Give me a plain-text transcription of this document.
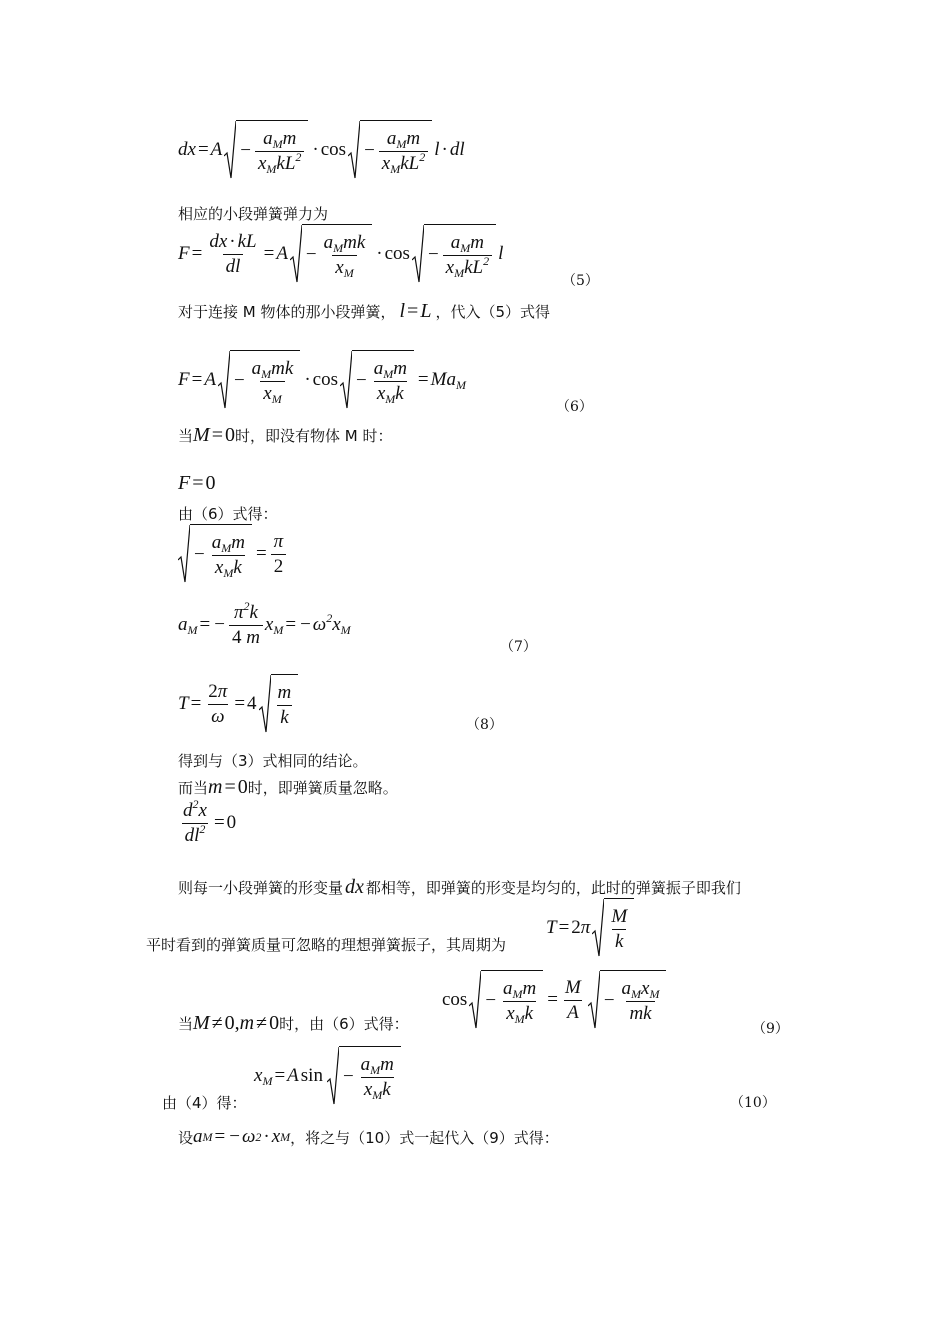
dx = $A - \frac{a_Mm}{x_MkL^2} \cdot \cos - \frac{a_Mm}{x_MkL^2}$ l · dl
相应的小段弹簧弹力为
$F = \frac{dx \cdot kL}{dl} = A - \frac{a_Mmk}{x_M} \cdot \cos - \frac{a_Mm}{x_MkL^2}$ l
（5）
对于连接 M 物体的那小段弹簧， l = L ，代入（5）式得
$F = A - \frac{a_Mmk}{x_M} \cdot \cos - \frac{a_Mm}{x_Mk} = Ma_M$
（6）
当 M = 0 时，即没有物体 M 时：
F = 0
由（6）式得：
− $\frac{a_Mm}{x_Mk} = \frac{\pi}{2}$
$a_M$ = − $\frac{\pi^2k}{4 m} x_M$ = − $\omega^2x_M$
（7）
$T = \frac{2\pi}{\omega} = 4 \frac{m}{k}$	（8）
得到与（3）式相同的结论。
而当 m = 0 时，即弹簧质量忽略。
$\frac{d^2x}{dl^2} = 0$
则每一小段弹簧的形变量 dx 都相等，即弹簧的形变是均匀的，此时的弹簧振子即我们
T = 2 π $\frac{M}{k}$
平时看到的弹簧质量可忽略的理想弹簧振子，其周期为
$\cos - \frac{a_Mm}{x_Mk} = \frac{M}{A} - \frac{a_Mx_M}{mk}$
当 M ≠ 0 , m ≠ 0 时，由（6）式得：	（9）
$x_M = A$ $\sin - \frac{a_Mm}{x_Mk}$
由（4）得：	（10）
设 a M = − ω 2 · x M ，将之与（10）式一起代入（9）式得：
